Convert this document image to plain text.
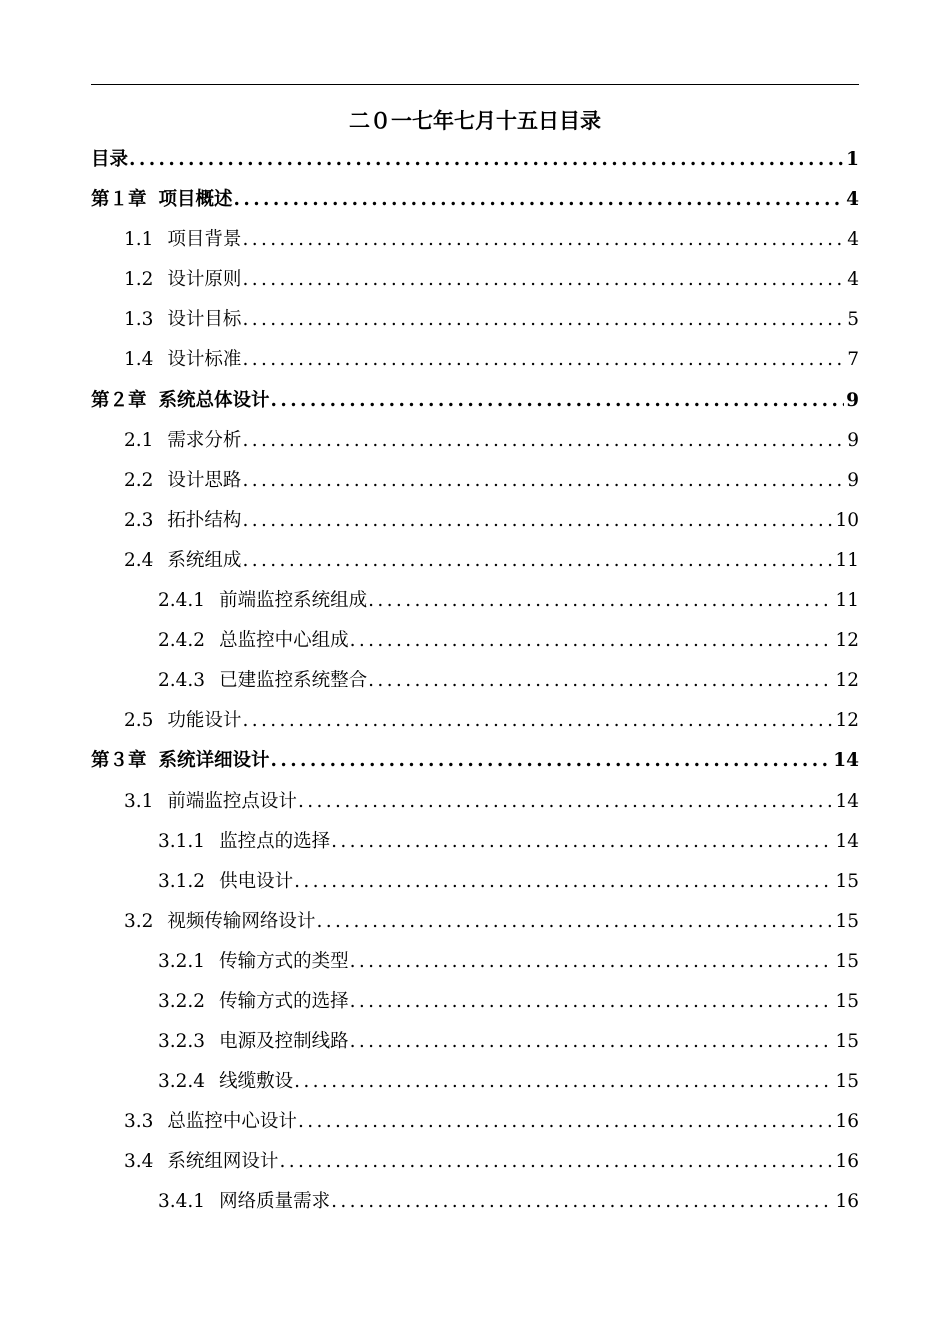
二０一七年七月十五日目录
目录 .....	1
第１章 项目概述 .....	4
1.1 项目背景 .....	4
1.2 设计原则 .....	4
1.3 设计目标 .....	5
1.4 设计标准 .....	7
第２章 系统总体设计 .....	9
2.1 需求分析 .....	9
2.2 设计思路 .....	9
2.3 拓扑结构 .....	10
2.4 系统组成 .....	11
2.4.1 前端监控系统组成 .....	11
2.4.2 总监控中心组成 .....	12
2.4.3 已建监控系统整合 .....	12
2.5 功能设计 .....	12
第３章 系统详细设计 .....	14
3.1 前端监控点设计 .....	14
3.1.1 监控点的选择 .....	14
3.1.2 供电设计 .....	15
3.2 视频传输网络设计 .....	15
3.2.1 传输方式的类型 .....	15
3.2.2 传输方式的选择 .....	15
3.2.3 电源及控制线路 .....	15
3.2.4 线缆敷设 .....	15
3.3 总监控中心设计 .....	16
3.4 系统组网设计 .....	16
3.4.1 网络质量需求 .....	16
